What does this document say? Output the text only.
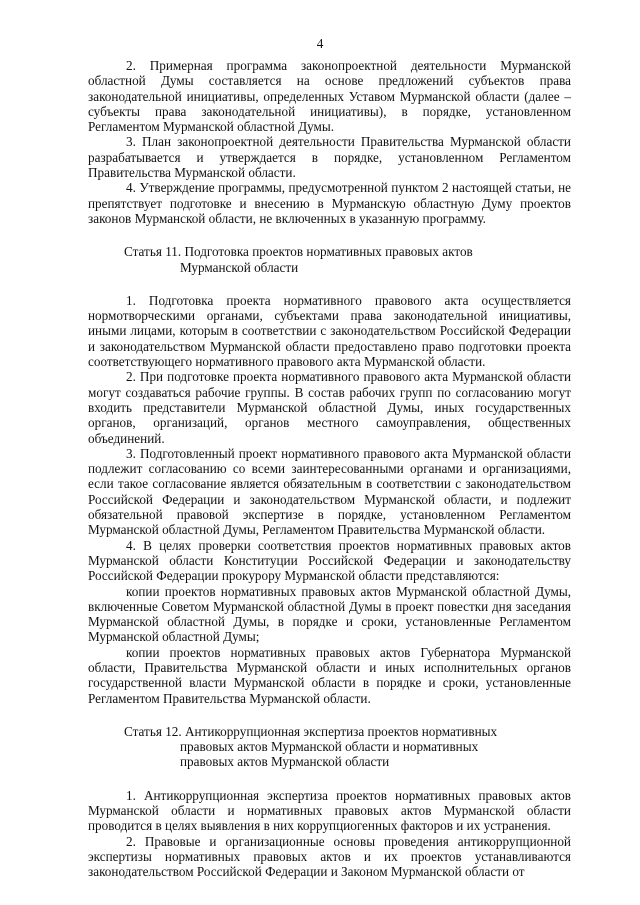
4

2. Примерная программа законопроектной деятельности Мурманской областной Думы составляется на основе предложений субъектов права законодательной инициативы, определенных Уставом Мурманской области (далее – субъекты права законодательной инициативы), в порядке, установленном Регламентом Мурманской областной Думы.

3. План законопроектной деятельности Правительства Мурманской области разрабатывается и утверждается в порядке, установленном Регламентом Правительства Мурманской области.

4. Утверждение программы, предусмотренной пунктом 2 настоящей статьи, не препятствует подготовке и внесению в Мурманскую областную Думу проектов законов Мурманской области, не включенных в указанную программу.

Статья 11. Подготовка проектов нормативных правовых актов
Мурманской области

1. Подготовка проекта нормативного правового акта осуществляется нормотворческими органами, субъектами права законодательной инициативы, иными лицами, которым в соответствии с законодательством Российской Федерации и законодательством Мурманской области предоставлено право подготовки проекта соответствующего нормативного правового акта Мурманской области.

2. При подготовке проекта нормативного правового акта Мурманской области могут создаваться рабочие группы. В состав рабочих групп по согласованию могут входить представители Мурманской областной Думы, иных государственных органов, организаций, органов местного самоуправления, общественных объединений.

3. Подготовленный проект нормативного правового акта Мурманской области подлежит согласованию со всеми заинтересованными органами и организациями, если такое согласование является обязательным в соответствии с законодательством Российской Федерации и законодательством Мурманской области, и подлежит обязательной правовой экспертизе в порядке, установленном Регламентом Мурманской областной Думы, Регламентом Правительства Мурманской области.

4. В целях проверки соответствия проектов нормативных правовых актов Мурманской области Конституции Российской Федерации и законодательству Российской Федерации прокурору Мурманской области представляются:

копии проектов нормативных правовых актов Мурманской областной Думы, включенные Советом Мурманской областной Думы в проект повестки дня заседания Мурманской областной Думы, в порядке и сроки, установленные Регламентом Мурманской областной Думы;

копии проектов нормативных правовых актов Губернатора Мурманской области, Правительства Мурманской области и иных исполнительных органов государственной власти Мурманской области в порядке и сроки, установленные Регламентом Правительства Мурманской области.

Статья 12. Антикоррупционная экспертиза проектов нормативных
правовых актов Мурманской области и нормативных
правовых актов Мурманской области

1. Антикоррупционная экспертиза проектов нормативных правовых актов Мурманской области и нормативных правовых актов Мурманской области проводится в целях выявления в них коррупциогенных факторов и их устранения.

2. Правовые и организационные основы проведения антикоррупционной экспертизы нормативных правовых актов и их проектов устанавливаются законодательством Российской Федерации и Законом Мурманской области от
